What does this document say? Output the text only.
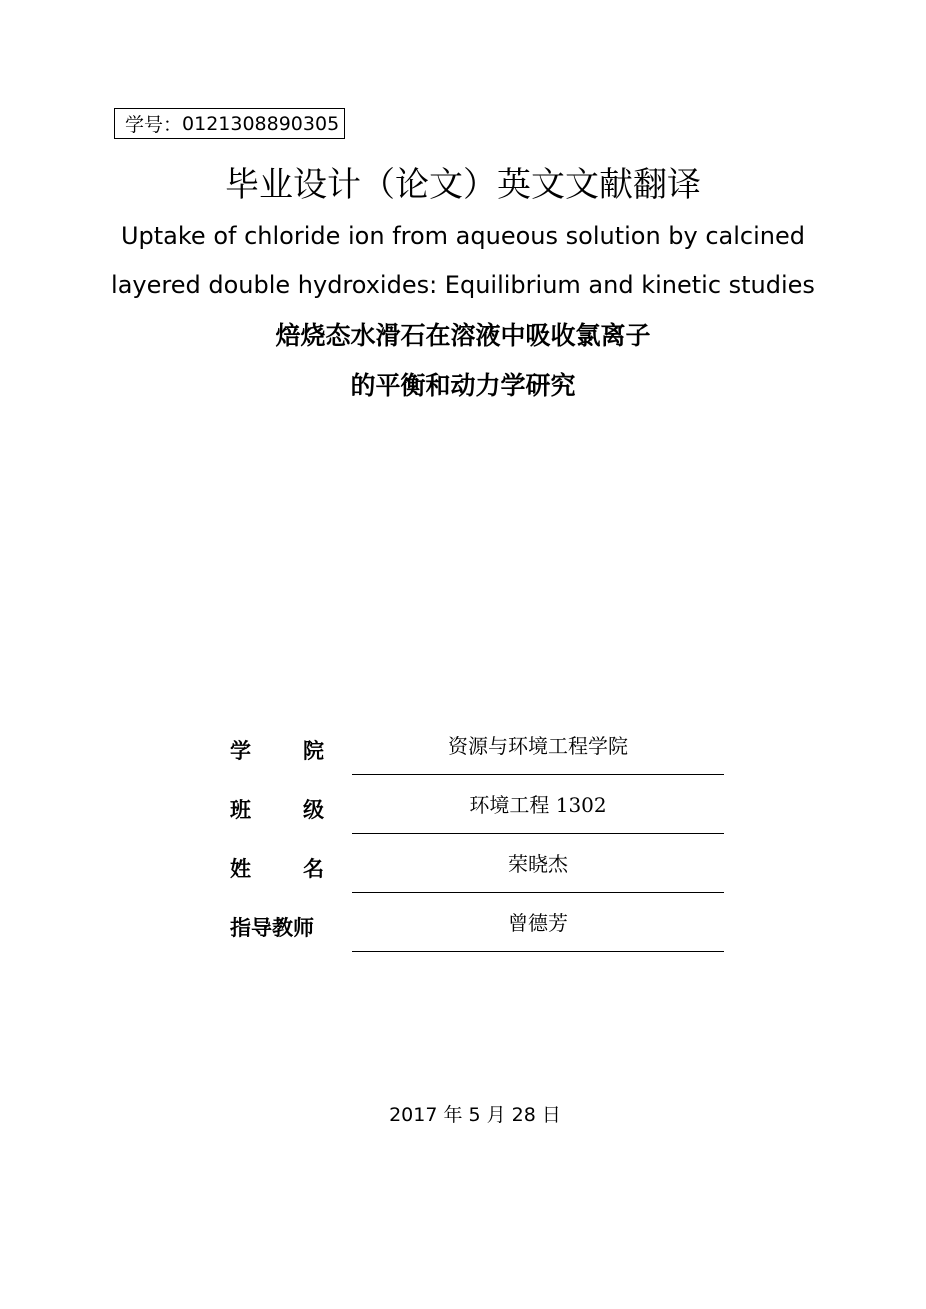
学号： 0121308890305
毕业设计（论文）英文文献翻译
Uptake of chloride ion from aqueous solution by calcined
layered double hydroxides: Equilibrium and kinetic studies
焙烧态水滑石在溶液中吸收氯离子
的平衡和动力学研究
学 院	资源与环境工程学院
班 级	环境工程 1302
姓 名	荣晓杰
指导教师	曾德芳
2017 年 5 月 28 日
